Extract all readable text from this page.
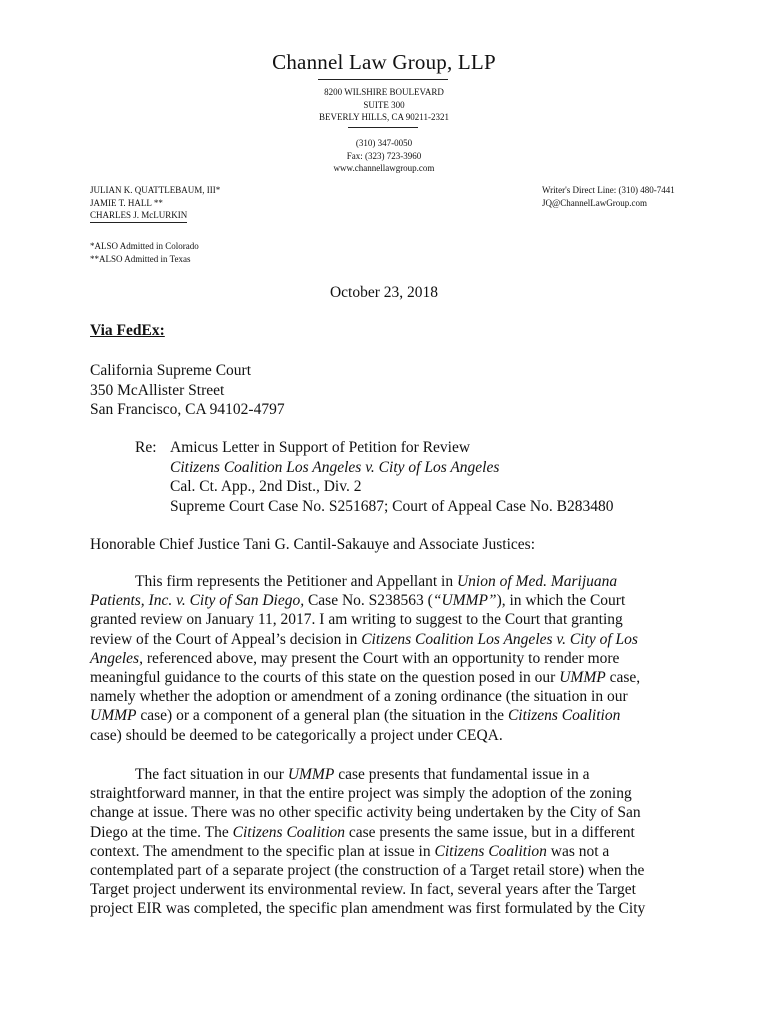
Channel Law Group, LLP
8200 WILSHIRE BOULEVARD
SUITE 300
BEVERLY HILLS, CA 90211-2321
(310) 347-0050
Fax: (323) 723-3960
www.channellawgroup.com
JULIAN K. QUATTLEBAUM, III*
JAMIE T. HALL **
CHARLES J. McLURKIN
Writer's Direct Line: (310) 480-7441
JQ@ChannelLawGroup.com
*ALSO Admitted in Colorado
**ALSO Admitted in Texas
October 23, 2018
Via FedEx:
California Supreme Court
350 McAllister Street
San Francisco, CA 94102-4797
Re: Amicus Letter in Support of Petition for Review
Citizens Coalition Los Angeles v. City of Los Angeles
Cal. Ct. App., 2nd Dist., Div. 2
Supreme Court Case No. S251687; Court of Appeal Case No. B283480
Honorable Chief Justice Tani G. Cantil-Sakauye and Associate Justices:
This firm represents the Petitioner and Appellant in Union of Med. Marijuana
Patients, Inc. v. City of San Diego, Case No. S238563 (“UMMP”), in which the Court
granted review on January 11, 2017. I am writing to suggest to the Court that granting
review of the Court of Appeal’s decision in Citizens Coalition Los Angeles v. City of Los
Angeles, referenced above, may present the Court with an opportunity to render more
meaningful guidance to the courts of this state on the question posed in our UMMP case,
namely whether the adoption or amendment of a zoning ordinance (the situation in our
UMMP case) or a component of a general plan (the situation in the Citizens Coalition
case) should be deemed to be categorically a project under CEQA.
The fact situation in our UMMP case presents that fundamental issue in a
straightforward manner, in that the entire project was simply the adoption of the zoning
change at issue. There was no other specific activity being undertaken by the City of San
Diego at the time. The Citizens Coalition case presents the same issue, but in a different
context. The amendment to the specific plan at issue in Citizens Coalition was not a
contemplated part of a separate project (the construction of a Target retail store) when the
Target project underwent its environmental review. In fact, several years after the Target
project EIR was completed, the specific plan amendment was first formulated by the City
